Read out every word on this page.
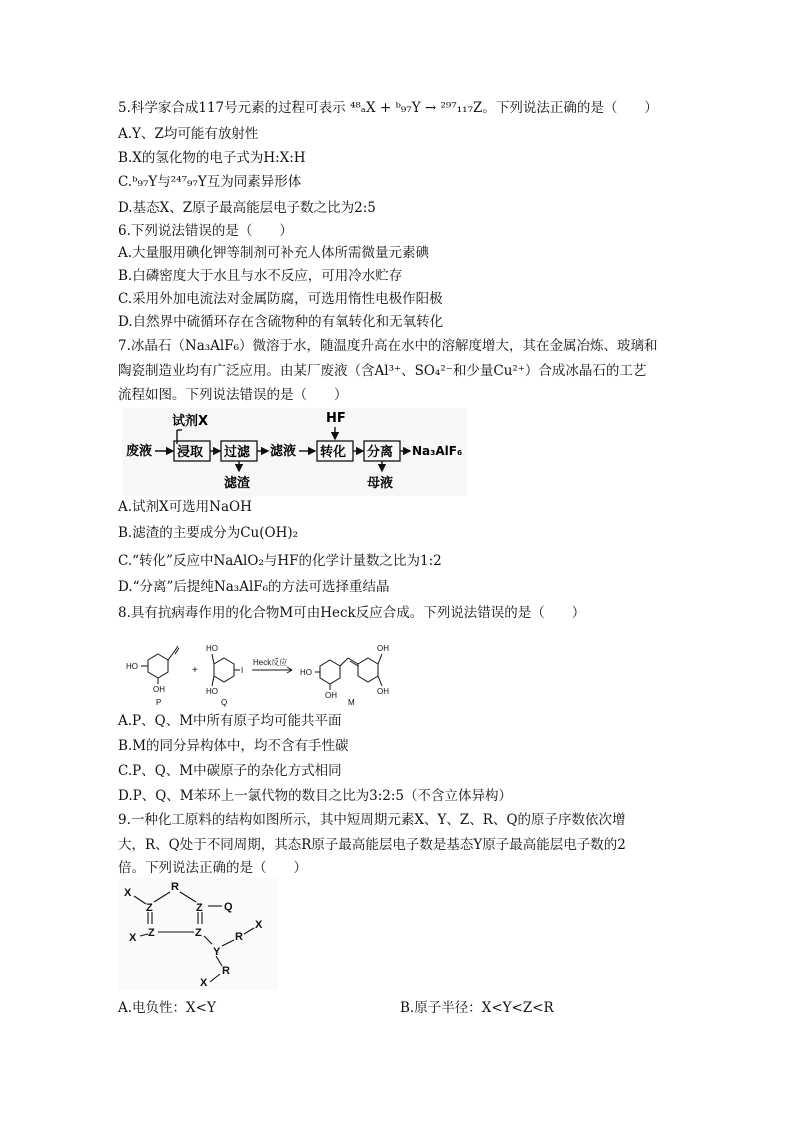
5.科学家合成117号元素的过程可表示 ⁴⁸ₐX + ᵇ₉₇Y → ²⁹⁷₁₁₇Z。下列说法正确的是（　　）
A.Y、Z均可能有放射性
B.X的氢化物的电子式为H:X:H
C.ᵇ₉₇Y与²⁴⁷₉₇Y互为同素异形体
D.基态X、Z原子最高能层电子数之比为2:5
6.下列说法错误的是（　　）
A.大量服用碘化钾等制剂可补充人体所需微量元素碘
B.白磷密度大于水且与水不反应，可用冷水贮存
C.采用外加电流法对金属防腐，可选用惰性电极作阳极
D.自然界中硫循环存在含硫物种的有氧转化和无氧转化
7.冰晶石（Na₃AlF₆）微溶于水，随温度升高在水中的溶解度增大，其在金属冶炼、玻璃和
陶瓷制造业均有广泛应用。由某厂废液（含Al³⁺、SO₄²⁻和少量Cu²⁺）合成冰晶石的工艺
流程如图。下列说法错误的是（　　）
试剂X	HF
废液 浸取 过滤
滤渣
滤液 转化 分离 Na₃AlF₆
母液
A.试剂X可选用NaOH
B.滤渣的主要成分为Cu(OH)₂
C.“转化”反应中NaAlO₂与HF的化学计量数之比为1:2
D.“分离”后提纯Na₃AlF₆的方法可选择重结晶
8.具有抗病毒作用的化合物M可由Heck反应合成。下列说法错误的是（　　）
HO
OH
P
+
HO
HO
I
Q
Heck反应
HO
OH
OH
OH
M
A.P、Q、M中所有原子均可能共平面
B.M的同分异构体中，均不含有手性碳
C.P、Q、M中碳原子的杂化方式相同
D.P、Q、M苯环上一氯代物的数目之比为3:2:5（不含立体异构）
9.一种化工原料的结构如图所示，其中短周期元素X、Y、Z、R、Q的原子序数依次增
大，R、Q处于不同周期，其态R原子最高能层电子数是基态Y原子最高能层电子数的2
倍。下列说法正确的是（　　）
R
X
Z	Z Q
X Z	Z
Y
R
X
R
X
A.电负性：X<Y	B.原子半径：X<Y<Z<R
